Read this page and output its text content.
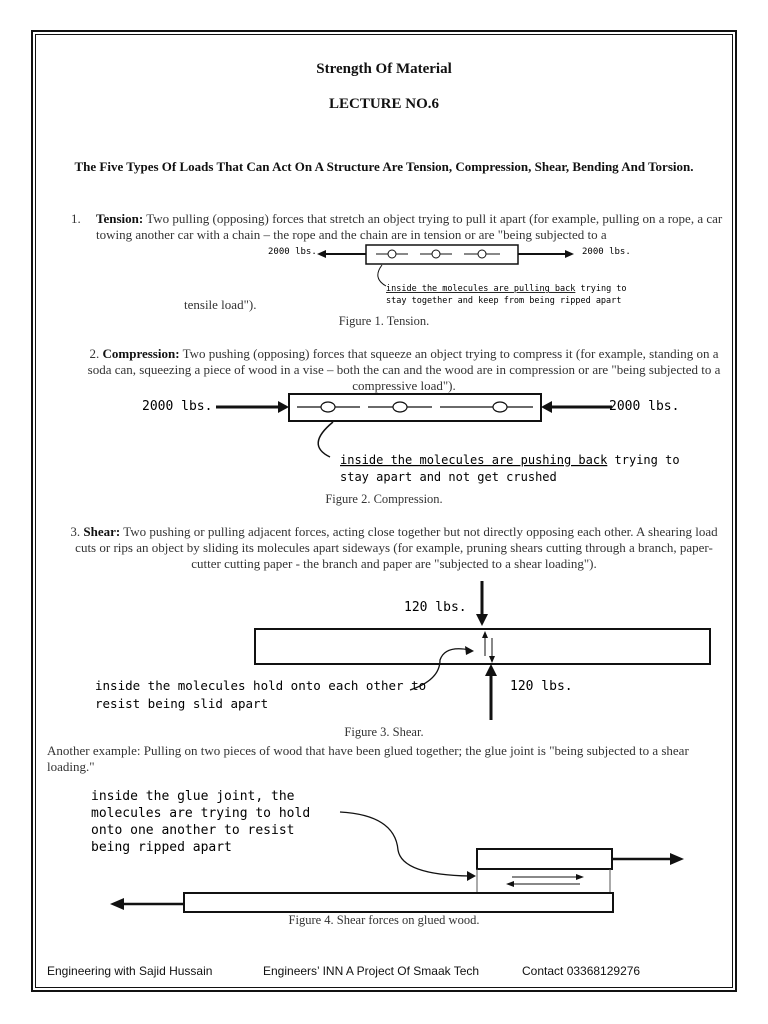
Strength Of Material
LECTURE NO.6
The Five Types Of Loads That Can Act On A Structure Are Tension, Compression, Shear, Bending And Torsion.
1.	Tension: Two pulling (opposing) forces that stretch an object trying to pull it apart (for example, pulling on a rope, a car towing another car with a chain – the rope and the chain are in tension or are "being subjected to a
2000 lbs.	2000 lbs.
inside the molecules are pulling back trying to
stay together and keep from being ripped apart
tensile load").
Figure 1. Tension.
2. Compression: Two pushing (opposing) forces that squeeze an object trying to compress it (for example, standing on a soda can, squeezing a piece of wood in a vise – both the can and the wood are in compression or are "being subjected to a compressive load").
2000 lbs.	2000 lbs.
inside the molecules are pushing back trying to
stay apart and not get crushed
Figure 2. Compression.
3. Shear: Two pushing or pulling adjacent forces, acting close together but not directly opposing each other. A shearing load cuts or rips an object by sliding its molecules apart sideways (for example, pruning shears cutting through a branch, paper-cutter cutting paper - the branch and paper are "subjected to a shear loading").
120 lbs.
120 lbs.
inside the molecules hold onto each other to
resist being slid apart
Figure 3. Shear.
Another example: Pulling on two pieces of wood that have been glued together; the glue joint is "being subjected to a shear loading."
inside the glue joint, the
molecules are trying to hold
onto one another to resist
being ripped apart
Figure 4. Shear forces on glued wood.
Engineering with Sajid Hussain	Engineers’ INN A Project Of Smaak Tech	Contact 03368129276
